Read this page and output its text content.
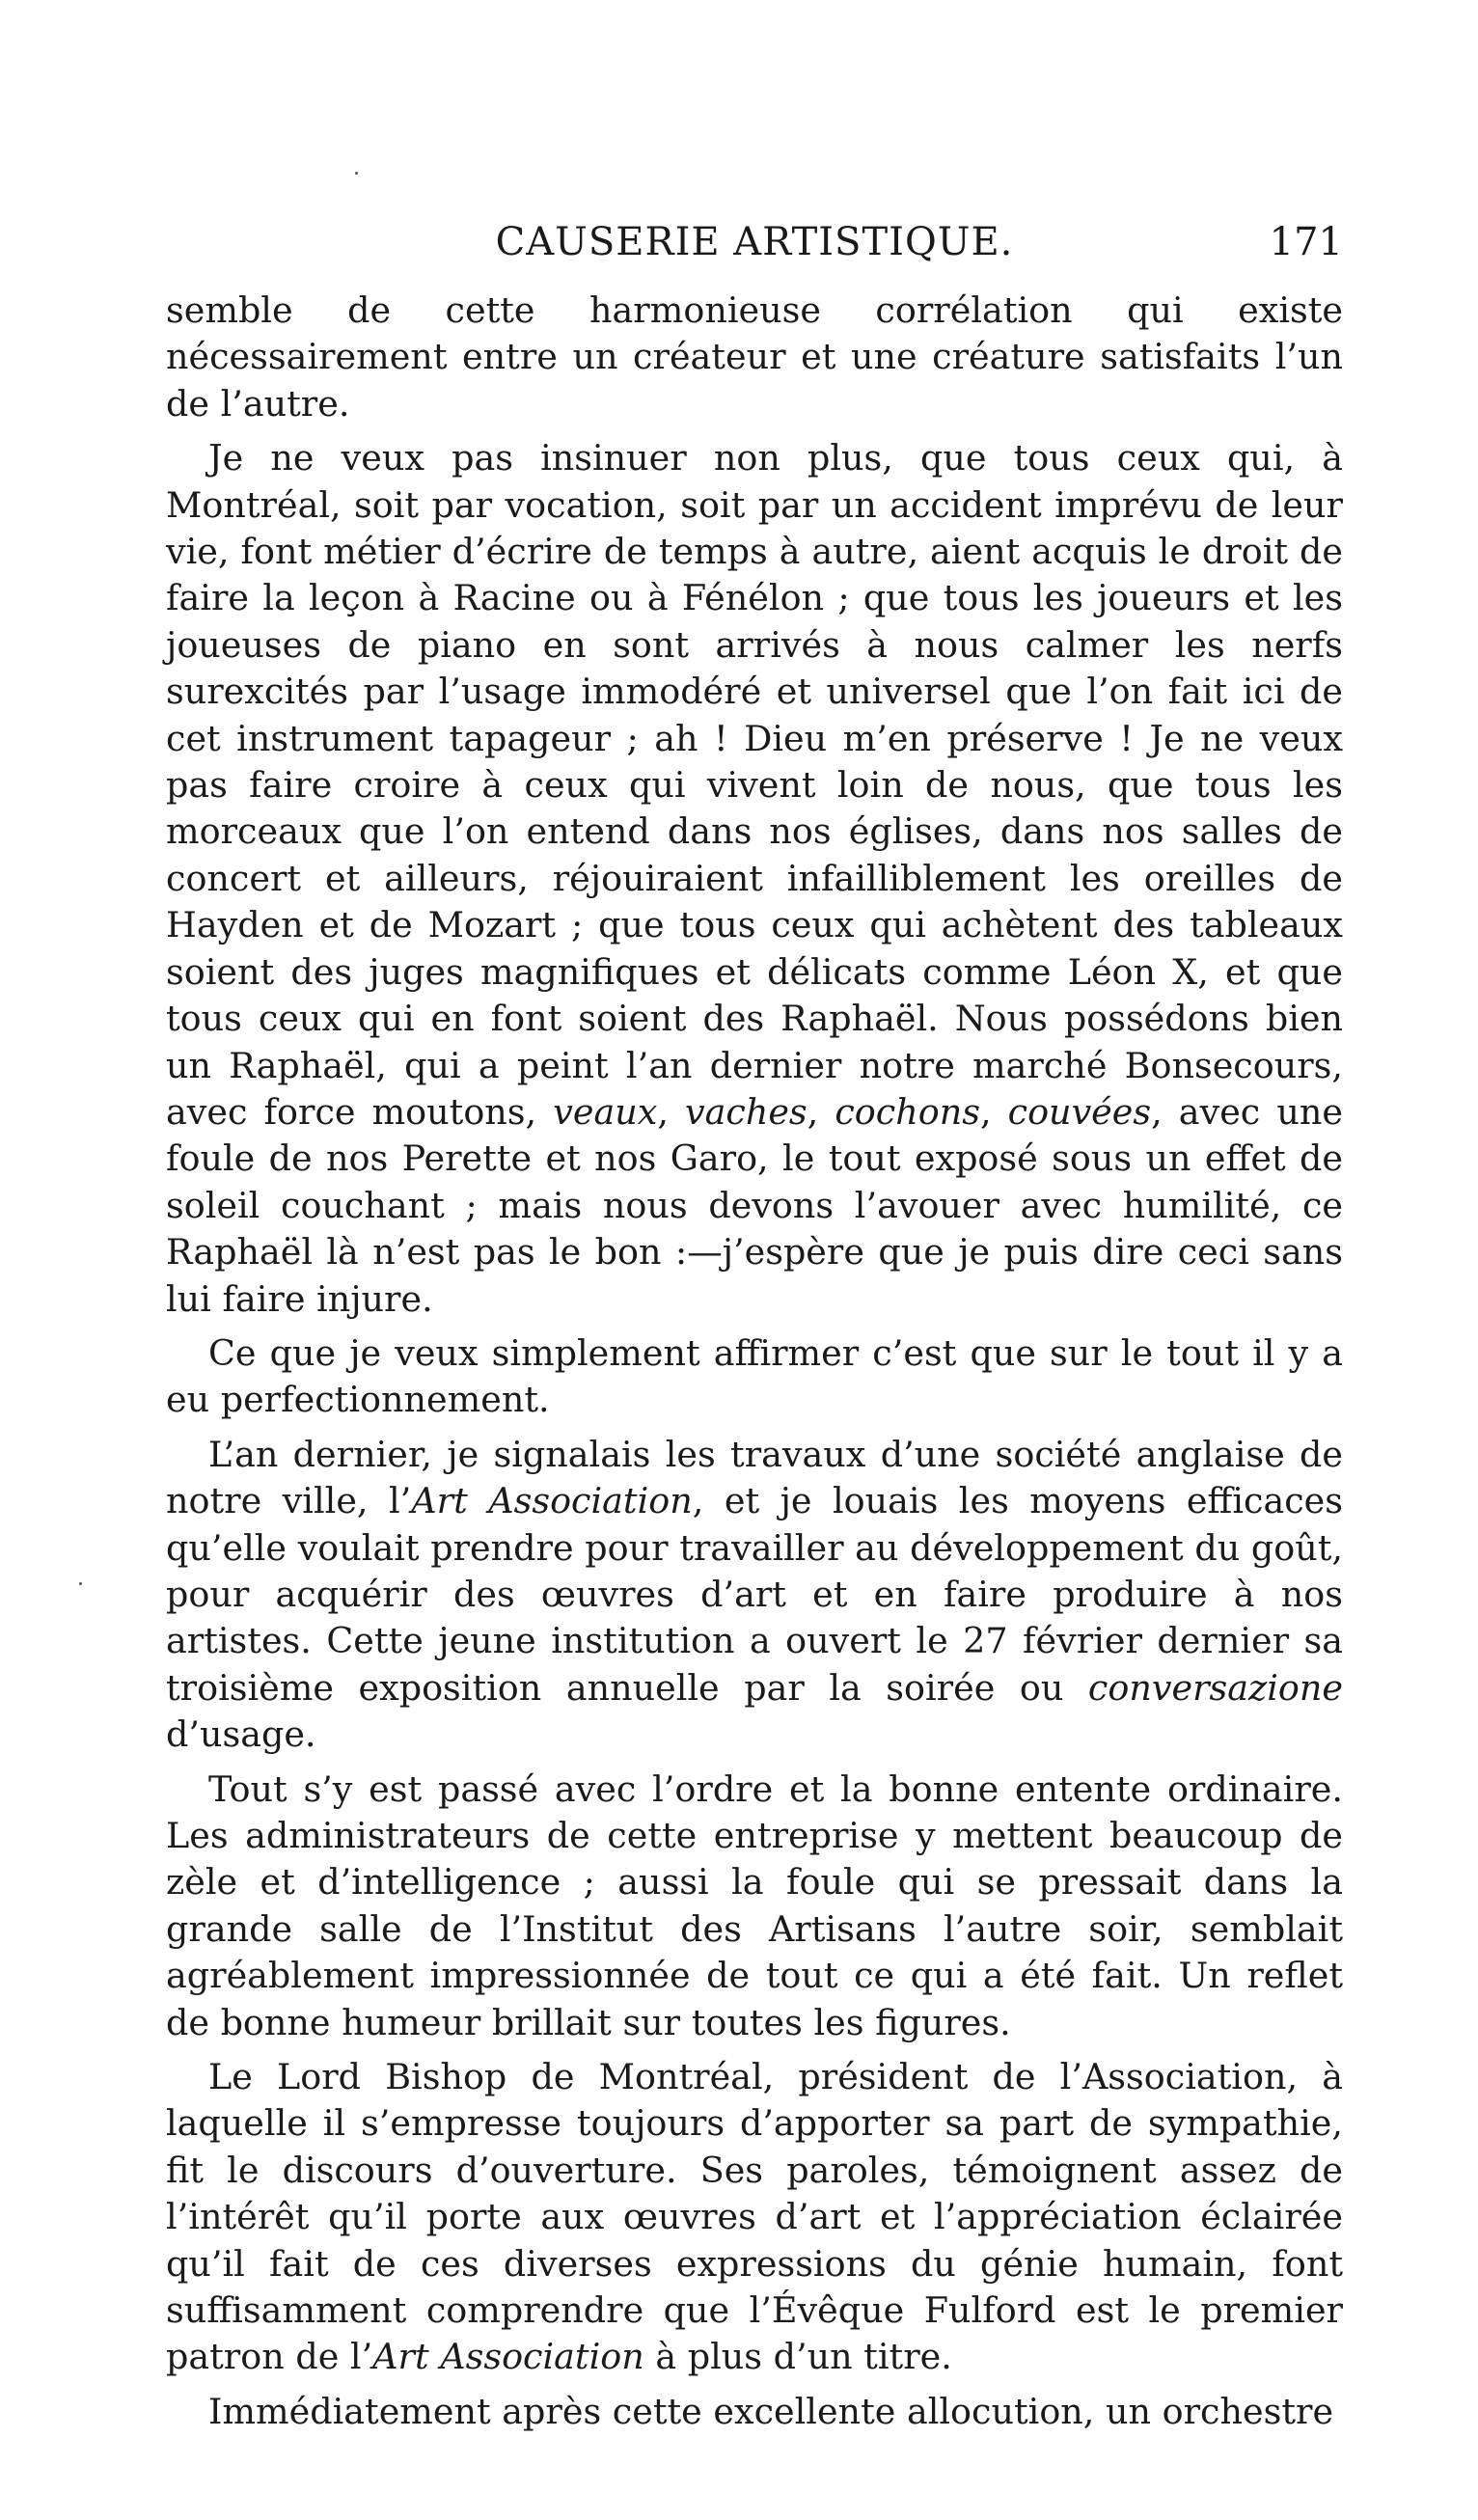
CAUSERIE ARTISTIQUE.	171

semble de cette harmonieuse corrélation qui existe nécessairement entre un créateur et une créature satisfaits l’un de l’autre.

Je ne veux pas insinuer non plus, que tous ceux qui, à Montréal, soit par vocation, soit par un accident imprévu de leur vie, font métier d’écrire de temps à autre, aient acquis le droit de faire la leçon à Racine ou à Fénélon ; que tous les joueurs et les joueuses de piano en sont arrivés à nous calmer les nerfs surexcités par l’usage immodéré et universel que l’on fait ici de cet instrument tapageur ; ah ! Dieu m’en préserve ! Je ne veux pas faire croire à ceux qui vivent loin de nous, que tous les morceaux que l’on entend dans nos églises, dans nos salles de concert et ailleurs, réjouiraient infailliblement les oreilles de Hayden et de Mozart ; que tous ceux qui achètent des tableaux soient des juges magnifiques et délicats comme Léon X, et que tous ceux qui en font soient des Raphaël. Nous possédons bien un Raphaël, qui a peint l’an dernier notre marché Bonsecours, avec force moutons, veaux, vaches, cochons, couvées, avec une foule de nos Perette et nos Garo, le tout exposé sous un effet de soleil couchant ; mais nous devons l’avouer avec humilité, ce Raphaël là n’est pas le bon :—j’espère que je puis dire ceci sans lui faire injure.

Ce que je veux simplement affirmer c’est que sur le tout il y a eu perfectionnement.

L’an dernier, je signalais les travaux d’une société anglaise de notre ville, l’Art Association, et je louais les moyens efficaces qu’elle voulait prendre pour travailler au développement du goût, pour acquérir des œuvres d’art et en faire produire à nos artistes. Cette jeune institution a ouvert le 27 février dernier sa troisième exposition annuelle par la soirée ou conversazione d’usage.

Tout s’y est passé avec l’ordre et la bonne entente ordinaire. Les administrateurs de cette entreprise y mettent beaucoup de zèle et d’intelligence ; aussi la foule qui se pressait dans la grande salle de l’Institut des Artisans l’autre soir, semblait agréablement impressionnée de tout ce qui a été fait. Un reflet de bonne humeur brillait sur toutes les figures.

Le Lord Bishop de Montréal, président de l’Association, à laquelle il s’empresse toujours d’apporter sa part de sympathie, fit le discours d’ouverture. Ses paroles, témoignent assez de l’intérêt qu’il porte aux œuvres d’art et l’appréciation éclairée qu’il fait de ces diverses expressions du génie humain, font suffisamment comprendre que l’Évêque Fulford est le premier patron de l’Art Association à plus d’un titre.

Immédiatement après cette excellente allocution, un orchestre
